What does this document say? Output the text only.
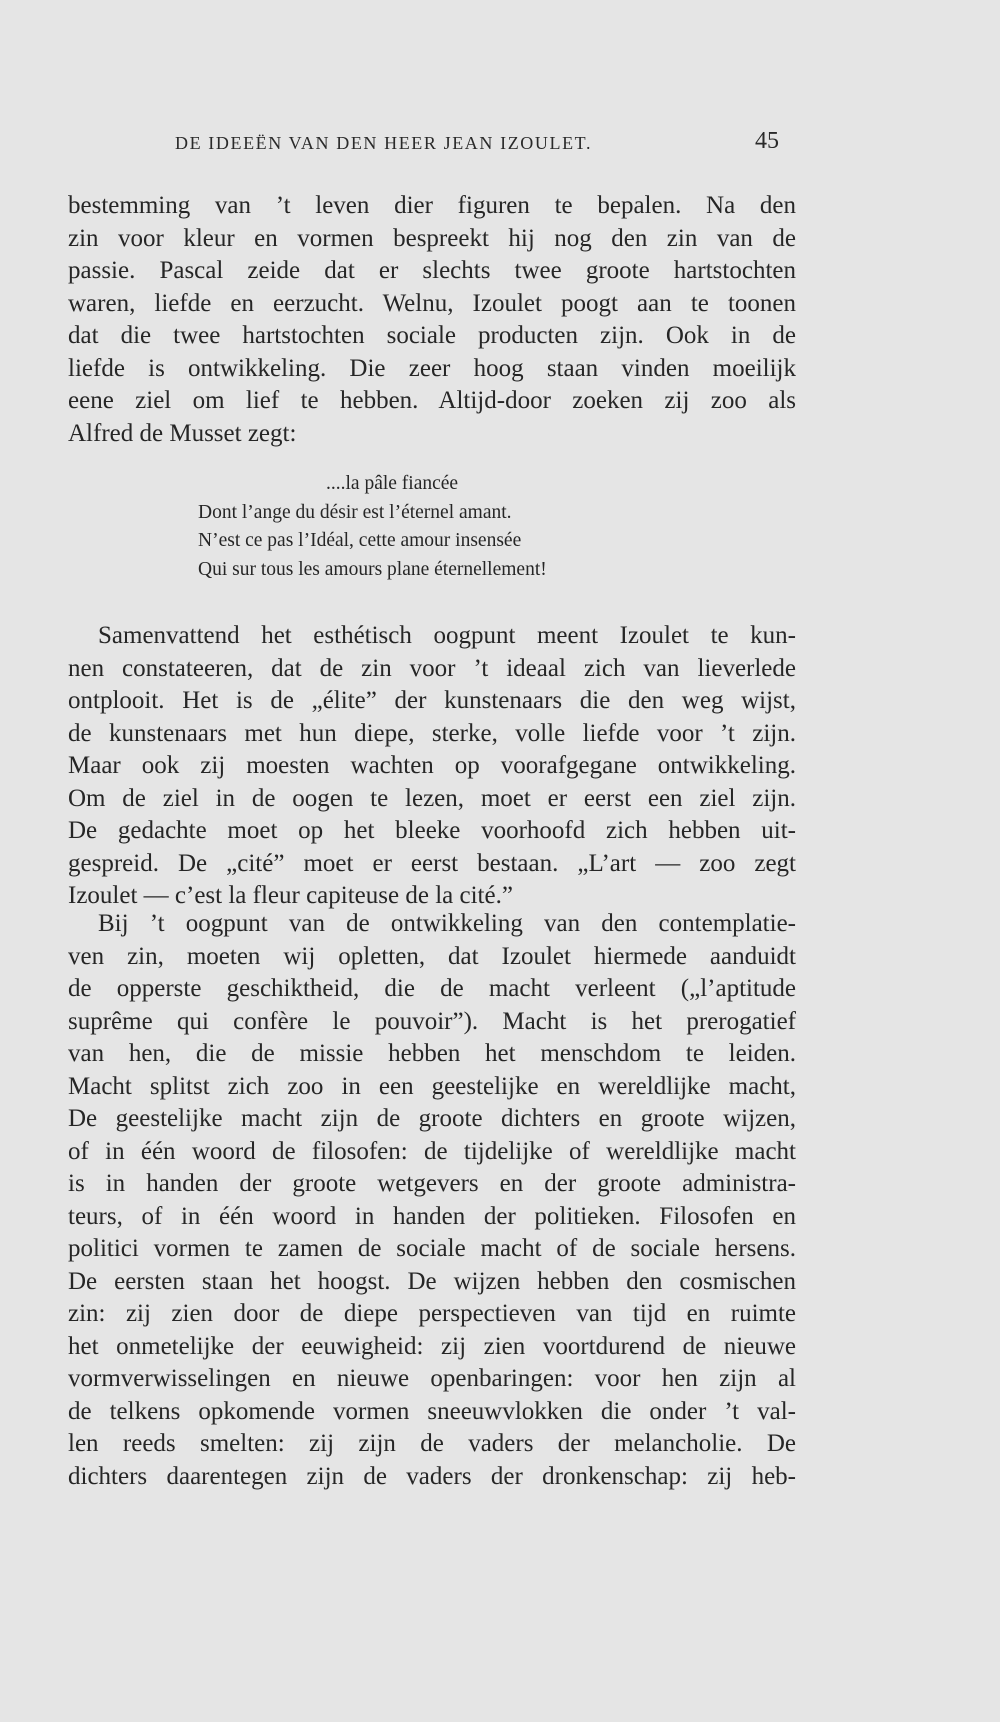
DE IDEEËN VAN DEN HEER JEAN IZOULET.	45
bestemming van ’t leven dier figuren te bepalen. Na den
zin voor kleur en vormen bespreekt hij nog den zin van de
passie. Pascal zeide dat er slechts twee groote hartstochten
waren, liefde en eerzucht. Welnu, Izoulet poogt aan te toonen
dat die twee hartstochten sociale producten zijn. Ook in de
liefde is ontwikkeling. Die zeer hoog staan vinden moeilijk
eene ziel om lief te hebben. Altijd-door zoeken zij zoo als
Alfred de Musset zegt:
....la pâle fiancée
Dont l’ange du désir est l’éternel amant.
N’est ce pas l’Idéal, cette amour insensée
Qui sur tous les amours plane éternellement!
Samenvattend het esthétisch oogpunt meent Izoulet te kun-
nen constateeren, dat de zin voor ’t ideaal zich van lieverlede
ontplooit. Het is de „élite” der kunstenaars die den weg wijst,
de kunstenaars met hun diepe, sterke, volle liefde voor ’t zijn.
Maar ook zij moesten wachten op voorafgegane ontwikkeling.
Om de ziel in de oogen te lezen, moet er eerst een ziel zijn.
De gedachte moet op het bleeke voorhoofd zich hebben uit-
gespreid. De „cité” moet er eerst bestaan. „L’art — zoo zegt
Izoulet — c’est la fleur capiteuse de la cité.”
Bij ’t oogpunt van de ontwikkeling van den contemplatie-
ven zin, moeten wij opletten, dat Izoulet hiermede aanduidt
de opperste geschiktheid, die de macht verleent („l’aptitude
suprême qui confère le pouvoir”). Macht is het prerogatief
van hen, die de missie hebben het menschdom te leiden.
Macht splitst zich zoo in een geestelijke en wereldlijke macht,
De geestelijke macht zijn de groote dichters en groote wijzen,
of in één woord de filosofen: de tijdelijke of wereldlijke macht
is in handen der groote wetgevers en der groote administra-
teurs, of in één woord in handen der politieken. Filosofen en
politici vormen te zamen de sociale macht of de sociale hersens.
De eersten staan het hoogst. De wijzen hebben den cosmischen
zin: zij zien door de diepe perspectieven van tijd en ruimte
het onmetelijke der eeuwigheid: zij zien voortdurend de nieuwe
vormverwisselingen en nieuwe openbaringen: voor hen zijn al
de telkens opkomende vormen sneeuwvlokken die onder ’t val-
len reeds smelten: zij zijn de vaders der melancholie. De
dichters daarentegen zijn de vaders der dronkenschap: zij heb-
